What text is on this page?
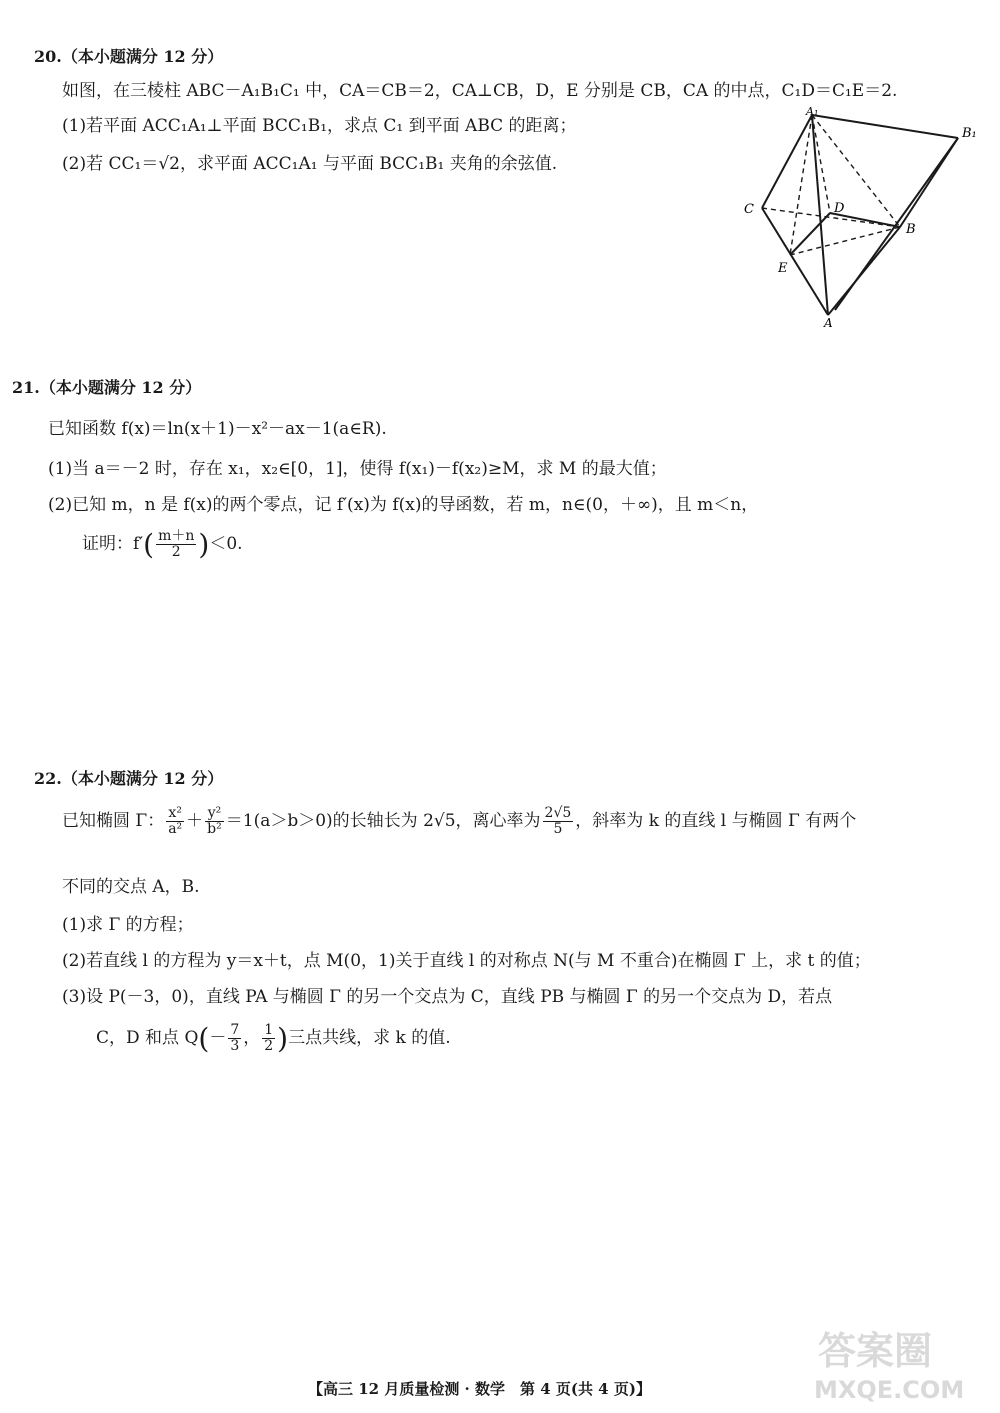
20.（本小题满分 12 分）
如图，在三棱柱 ABC－A₁B₁C₁ 中，CA＝CB＝2，CA⊥CB，D，E 分别是 CB，CA 的中点，C₁D＝C₁E＝2.
(1)若平面 ACC₁A₁⊥平面 BCC₁B₁，求点 C₁ 到平面 ABC 的距离；
(2)若 CC₁＝√2，求平面 ACC₁A₁ 与平面 BCC₁B₁ 夹角的余弦值.
A₁
B₁
C	D
B
E
A
21.（本小题满分 12 分）
已知函数 f(x)＝ln(x＋1)－x²－ax－1(a∈R).
(1)当 a＝－2 时，存在 x₁，x₂∈[0，1]，使得 f(x₁)－f(x₂)≥M，求 M 的最大值；
(2)已知 m，n 是 f(x)的两个零点，记 f′(x)为 f(x)的导函数，若 m，n∈(0，＋∞)，且 m＜n，
证明：$f'( \frac{m+n}{2} )<0$.
22.（本小题满分 12 分）
已知椭圆 Γ： $\frac{\text{x²}}{\text{a²}} + \frac{\text{y²}}{\text{b²}} =1(a>b>0)$的长轴长为 2√5，离心率为 $\frac{2√5}{5}$ ，斜率为 k 的直线 l 与椭圆 Γ 有两个
不同的交点 A，B.
(1)求 Γ 的方程；
(2)若直线 l 的方程为 y＝x＋t，点 M(0，1)关于直线 l 的对称点 N(与 M 不重合)在椭圆 Γ 上，求 t 的值；
(3)设 P(－3，0)，直线 PA 与椭圆 Γ 的另一个交点为 C，直线 PB 与椭圆 Γ 的另一个交点为 D，若点
C，D 和点 $Q(- \frac{7}{3}$ ， $\frac{1}{2}$ )三点共线，求 k 的值.
【高三 12 月质量检测 · 数学　第 4 页(共 4 页)】
答案圈
MXQE.COM
